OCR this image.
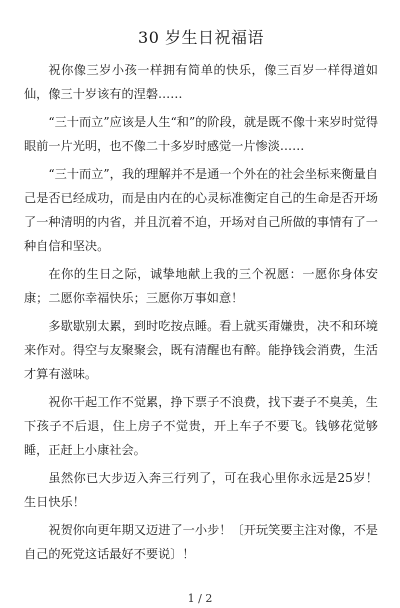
30 岁生日祝福语

祝你像三岁小孩一样拥有简单的快乐，像三百岁一样得道如仙，像三十岁该有的涅磐……

“三十而立”应该是人生“和”的阶段，就是既不像十来岁时觉得眼前一片光明，也不像二十多岁时感觉一片惨淡……

“三十而立”，我的理解并不是通一个外在的社会坐标来衡量自己是否已经成功，而是由内在的心灵标准衡定自己的生命是否开场了一种清明的内省，并且沉着不迫，开场对自己所做的事情有了一种自信和坚决。

在你的生日之际，诚挚地献上我的三个祝愿：一愿你身体安康；二愿你幸福快乐；三愿你万事如意！

多歇歇别太累，到时吃按点睡。看上就买甭嫌贵，决不和环境来作对。得空与友聚聚会，既有清醒也有醉。能挣钱会消费，生活才算有滋味。

祝你干起工作不觉累，挣下票子不浪费，找下妻子不臭美，生下孩子不后退，住上房子不觉贵，开上车子不要飞。钱够花觉够睡，正赶上小康社会。

虽然你已大步迈入奔三行列了，可在我心里你永远是25岁！生日快乐！

祝贺你向更年期又迈进了一小步！〔开玩笑要主注对像，不是自己的死党这话最好不要说〕！

1 / 2
